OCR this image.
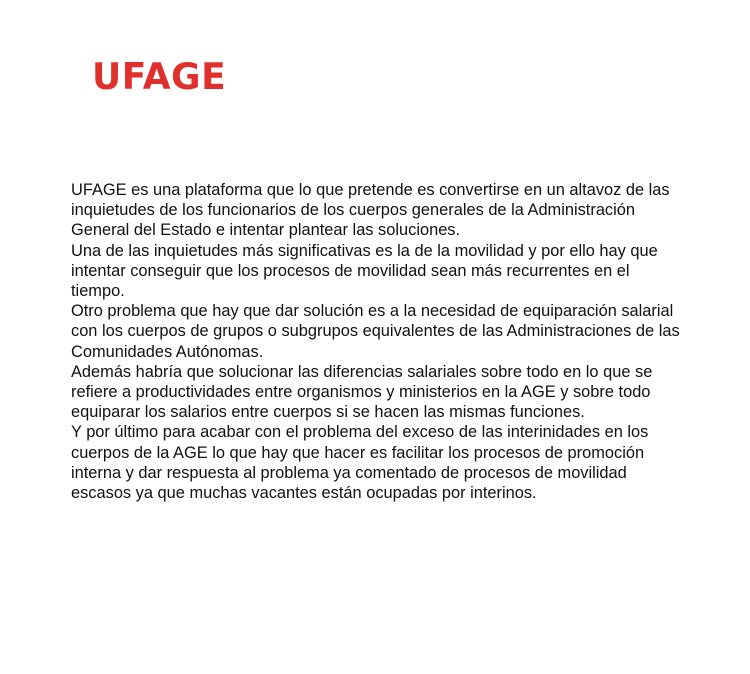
UFAGE

UFAGE es una plataforma que lo que pretende es convertirse en un altavoz de las inquietudes de los funcionarios de los cuerpos generales de la Administración General del Estado e intentar plantear las soluciones.

Una de las inquietudes más significativas es la de la movilidad y por ello hay que intentar conseguir que los procesos de movilidad sean más recurrentes en el tiempo.

Otro problema que hay que dar solución es a la necesidad de equiparación salarial con los cuerpos de grupos o subgrupos equivalentes de las Administraciones de las Comunidades Autónomas.

Además habría que solucionar las diferencias salariales sobre todo en lo que se refiere a productividades entre organismos y ministerios en la AGE y sobre todo equiparar los salarios entre cuerpos si se hacen las mismas funciones.

Y por último para acabar con el problema del exceso de las interinidades en los cuerpos de la AGE lo que hay que hacer es facilitar los procesos de promoción interna y dar respuesta al problema ya comentado de procesos de movilidad escasos ya que muchas vacantes están ocupadas por interinos.
